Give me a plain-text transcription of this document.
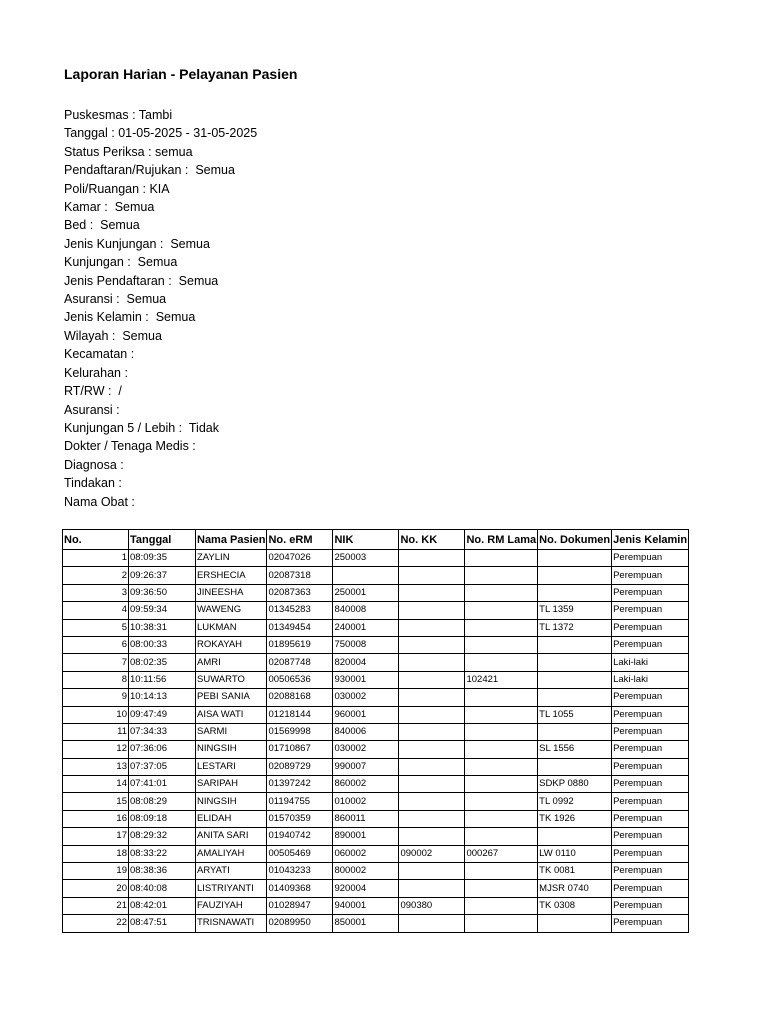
Laporan Harian - Pelayanan Pasien
Puskesmas : Tambi
Tanggal : 01-05-2025 - 31-05-2025
Status Periksa : semua
Pendaftaran/Rujukan :  Semua
Poli/Ruangan : KIA
Kamar :  Semua
Bed :  Semua
Jenis Kunjungan :  Semua
Kunjungan :  Semua
Jenis Pendaftaran :  Semua
Asuransi :  Semua
Jenis Kelamin :  Semua
Wilayah :  Semua
Kecamatan :
Kelurahan :
RT/RW :  /
Asuransi :
Kunjungan 5 / Lebih :  Tidak
Dokter / Tenaga Medis :
Diagnosa :
Tindakan :
Nama Obat :
No.	Tanggal	Nama Pasien	No. eRM	NIK	No. KK	No. RM Lama	No. Dokumen	Jenis Kelamin
1	08:09:35	ZAYLIN	02047026	250003				Perempuan
2	09:26:37	ERSHECIA	02087318					Perempuan
3	09:36:50	JINEESHA	02087363	250001				Perempuan
4	09:59:34	WAWENG	01345283	840008			TL 1359	Perempuan
5	10:38:31	LUKMAN	01349454	240001			TL 1372	Perempuan
6	08:00:33	ROKAYAH	01895619	750008				Perempuan
7	08:02:35	AMRI	02087748	820004				Laki-laki
8	10:11:56	SUWARTO	00506536	930001		102421		Laki-laki
9	10:14:13	PEBI SANIA	02088168	030002				Perempuan
10	09:47:49	AISA WATI	01218144	960001			TL 1055	Perempuan
11	07:34:33	SARMI	01569998	840006				Perempuan
12	07:36:06	NINGSIH	01710867	030002			SL 1556	Perempuan
13	07:37:05	LESTARI	02089729	990007				Perempuan
14	07:41:01	SARIPAH	01397242	860002			SDKP 0880	Perempuan
15	08:08:29	NINGSIH	01194755	010002			TL 0992	Perempuan
16	08:09:18	ELIDAH	01570359	860011			TK 1926	Perempuan
17	08:29:32	ANITA SARI	01940742	890001				Perempuan
18	08:33:22	AMALIYAH	00505469	060002	090002	000267	LW 0110	Perempuan
19	08:38:36	ARYATI	01043233	800002			TK 0081	Perempuan
20	08:40:08	LISTRIYANTI	01409368	920004			MJSR 0740	Perempuan
21	08:42:01	FAUZIYAH	01028947	940001	090380		TK 0308	Perempuan
22	08:47:51	TRISNAWATI	02089950	850001				Perempuan
